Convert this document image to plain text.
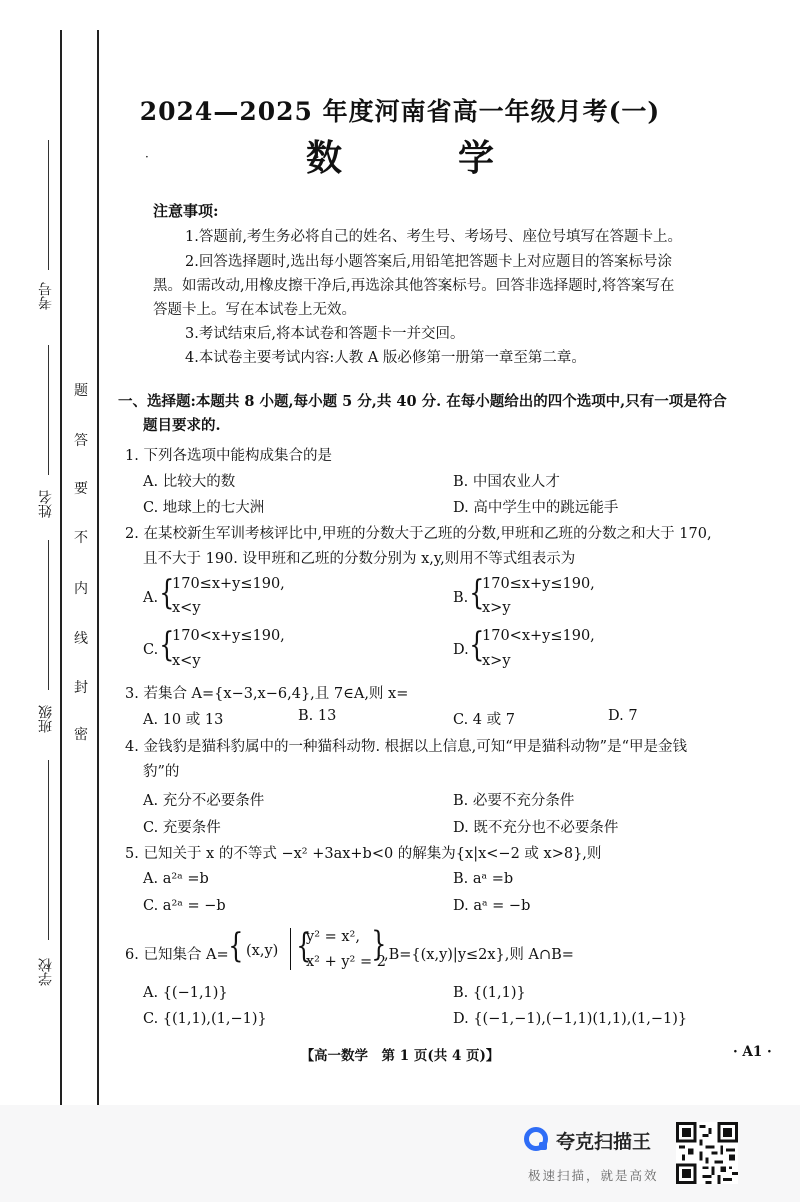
考号
姓名
班级
学校
题
答
要
不
内
线
封
密
2024—2025 年度河南省高一年级月考(一)
数　学
·
注意事项:
1.答题前,考生务必将自己的姓名、考生号、考场号、座位号填写在答题卡上。
2.回答选择题时,选出每小题答案后,用铅笔把答题卡上对应题目的答案标号涂
黑。如需改动,用橡皮擦干净后,再选涂其他答案标号。回答非选择题时,将答案写在
答题卡上。写在本试卷上无效。
3.考试结束后,将本试卷和答题卡一并交回。
4.本试卷主要考试内容:人教 A 版必修第一册第一章至第二章。
一、选择题:本题共 8 小题,每小题 5 分,共 40 分. 在每小题给出的四个选项中,只有一项是符合
题目要求的.
1. 下列各选项中能构成集合的是
A. 比较大的数	B. 中国农业人才
C. 地球上的七大洲	D. 高中学生中的跳远能手
2. 在某校新生军训考核评比中,甲班的分数大于乙班的分数,甲班和乙班的分数之和大于 170,
且不大于 190. 设甲班和乙班的分数分别为 x,y,则用不等式组表示为
A. {
170≤x+y≤190,
x<y
B. {
170≤x+y≤190,
x>y
C. {
170<x+y≤190,
x<y
D. {
170<x+y≤190,
x>y
3. 若集合 A={x−3,x−6,4},且 7∈A,则 x=
A. 10 或 13	B. 13	C. 4 或 7	D. 7
4. 金钱豹是猫科豹属中的一种猫科动物. 根据以上信息,可知“甲是猫科动物”是“甲是金钱
豹”的
A. 充分不必要条件	B. 必要不充分条件
C. 充要条件	D. 既不充分也不必要条件
5. 已知关于 x 的不等式 −x² +3ax+b<0 的解集为{x|x<−2 或 x>8},则
A. a²ᵃ =b	B. aᵃ =b
C. a²ᵃ = −b	D. aᵃ = −b
6. 已知集合 A= { (x,y) {
y² = x²,
x² + y² = 2
{
,B={(x,y)|y≤2x},则 A∩B=
A. {(−1,1)}	B. {(1,1)}
C. {(1,1),(1,−1)}	D. {(−1,−1),(−1,1)(1,1),(1,−1)}
【高一数学　第 1 页(共 4 页)】	· A1 ·
夸克扫描王
极速扫描，就是高效
